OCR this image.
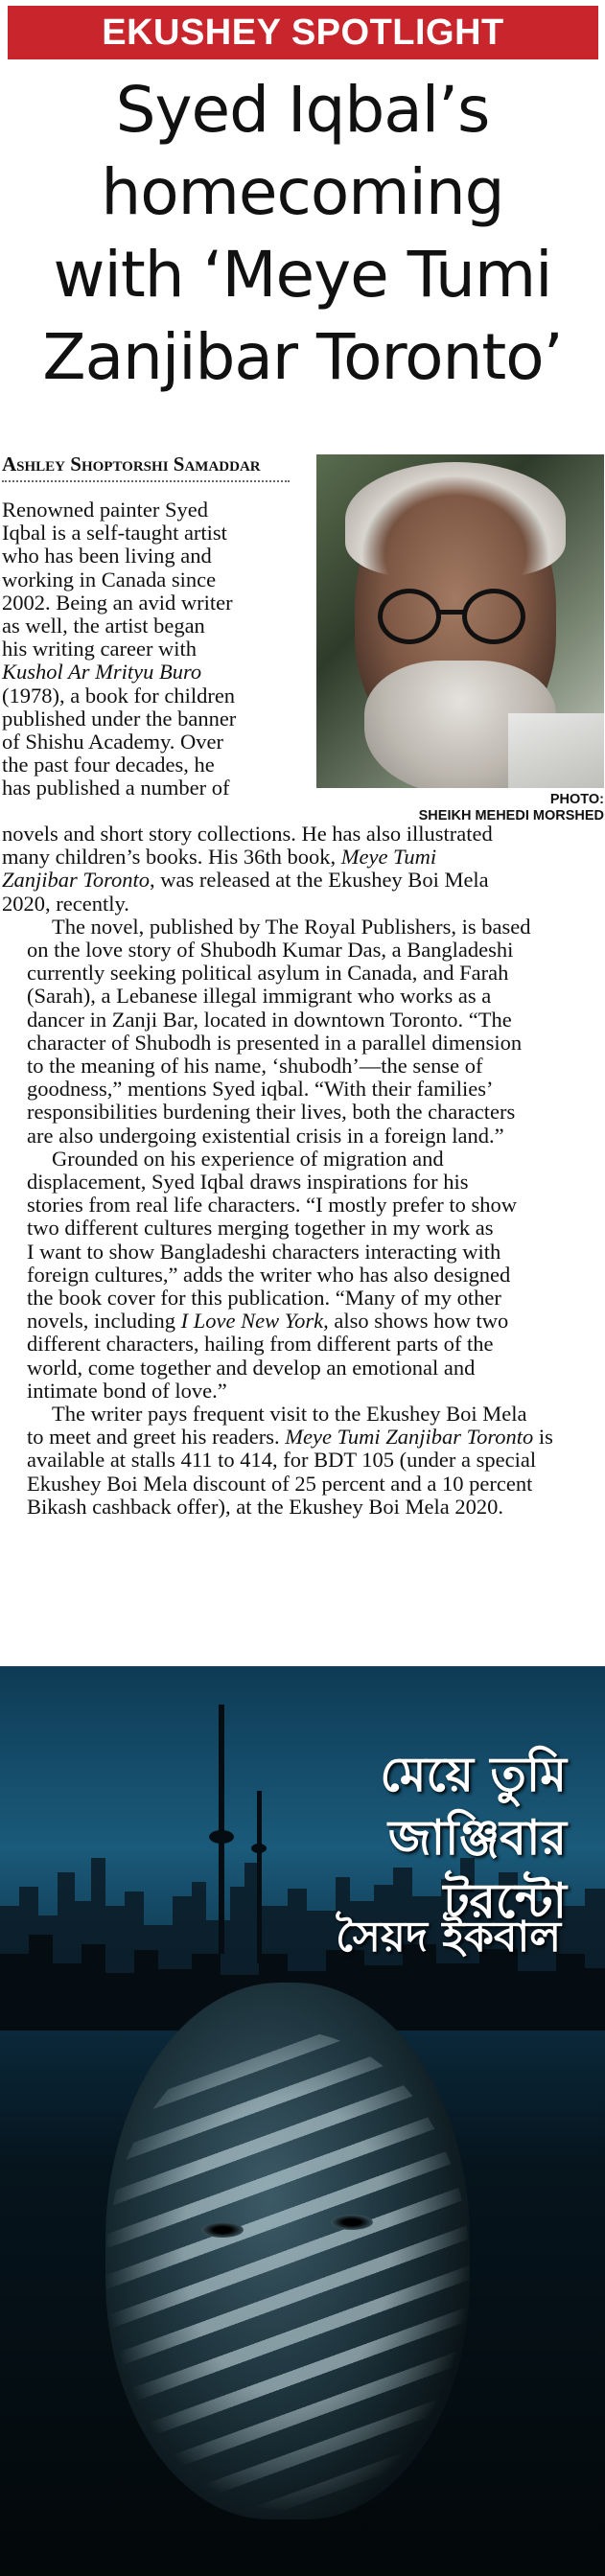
EKUSHEY SPOTLIGHT
Syed Iqbal’s
homecoming
with ‘Meye Tumi
Zanjibar Toronto’
Ashley Shoptorshi Samaddar
Renowned painter Syed
Iqbal is a self-taught artist
who has been living and
working in Canada since
2002. Being an avid writer
as well, the artist began
his writing career with
Kushol Ar Mrityu Buro
(1978), a book for children
published under the banner
of Shishu Academy. Over
the past four decades, he
has published a number of	PHOTO:
SHEIKH MEHEDI MORSHED

novels and short story collections. He has also illustrated
many children’s books. His 36th book, Meye Tumi
Zanjibar Toronto, was released at the Ekushey Boi Mela
2020, recently.

The novel, published by The Royal Publishers, is based
on the love story of Shubodh Kumar Das, a Bangladeshi
currently seeking political asylum in Canada, and Farah
(Sarah), a Lebanese illegal immigrant who works as a
dancer in Zanji Bar, located in downtown Toronto. “The
character of Shubodh is presented in a parallel dimension
to the meaning of his name, ‘shubodh’—the sense of
goodness,” mentions Syed iqbal. “With their families’
responsibilities burdening their lives, both the characters
are also undergoing existential crisis in a foreign land.”

Grounded on his experience of migration and
displacement, Syed Iqbal draws inspirations for his
stories from real life characters. “I mostly prefer to show
two different cultures merging together in my work as
I want to show Bangladeshi characters interacting with
foreign cultures,” adds the writer who has also designed
the book cover for this publication. “Many of my other
novels, including I Love New York, also shows how two
different characters, hailing from different parts of the
world, come together and develop an emotional and
intimate bond of love.”

The writer pays frequent visit to the Ekushey Boi Mela
to meet and greet his readers. Meye Tumi Zanjibar Toronto is
available at stalls 411 to 414, for BDT 105 (under a special
Ekushey Boi Mela discount of 25 percent and a 10 percent
Bikash cashback offer), at the Ekushey Boi Mela 2020.

মেয়ে তুমি
জাঞ্জিবার টরন্টো
সৈয়দ ইকবাল
